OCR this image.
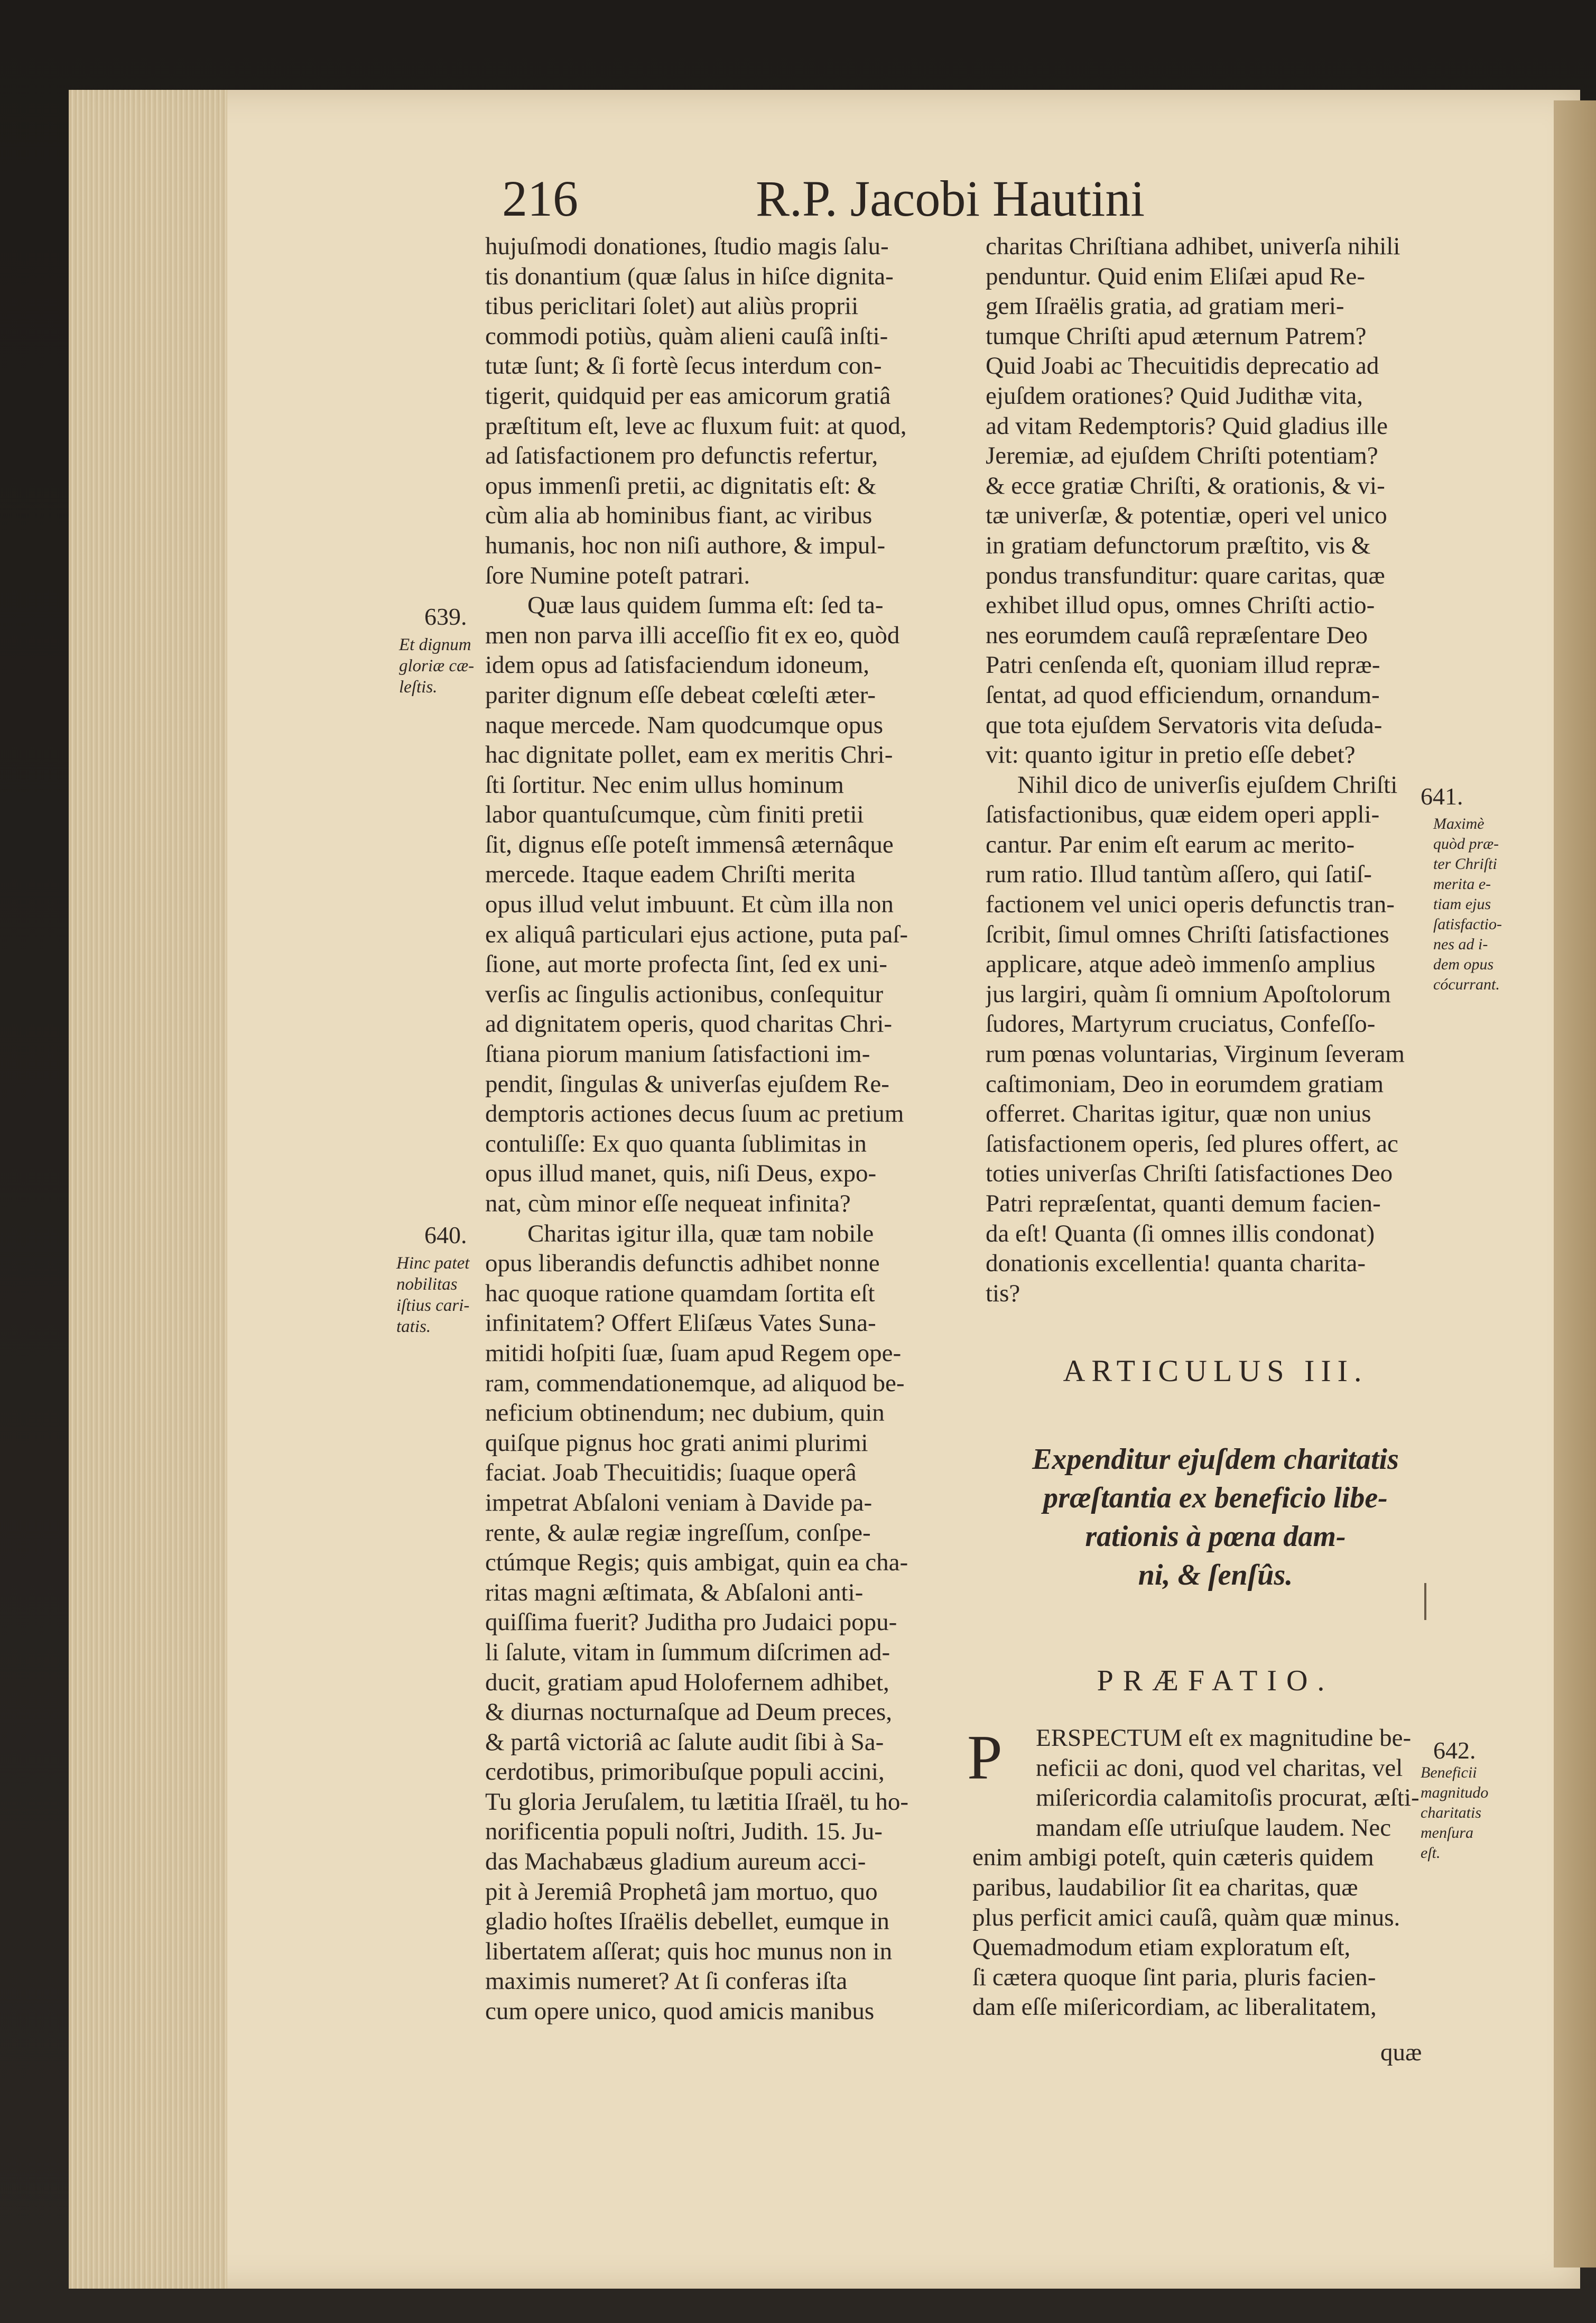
216	R.P. Jacobi Hautini
hujuſmodi donationes, ſtudio magis ſalu-
tis donantium (quæ ſalus in hiſce dignita-
tibus periclitari ſolet) aut aliùs proprii
commodi potiùs, quàm alieni cauſâ inſti-
tutæ ſunt; & ſi fortè ſecus interdum con-
tigerit, quidquid per eas amicorum gratiâ
præſtitum eſt, leve ac fluxum fuit: at quod,
ad ſatisfactionem pro defunctis refertur,
opus immenſi pretii, ac dignitatis eſt: &
cùm alia ab hominibus fiant, ac viribus
humanis, hoc non niſi authore, & impul-
ſore Numine poteſt patrari.
Quæ laus quidem ſumma eſt: ſed ta-
men non parva illi acceſſio fit ex eo, quòd
idem opus ad ſatisfaciendum idoneum,
pariter dignum eſſe debeat cœleſti æter-
naque mercede. Nam quodcumque opus
hac dignitate pollet, eam ex meritis Chri-
ſti ſortitur. Nec enim ullus hominum
labor quantuſcumque, cùm finiti pretii
ſit, dignus eſſe poteſt immensâ æternâque
mercede. Itaque eadem Chriſti merita
opus illud velut imbuunt. Et cùm illa non
ex aliquâ particulari ejus actione, puta paſ-
ſione, aut morte profecta ſint, ſed ex uni-
verſis ac ſingulis actionibus, conſequitur
ad dignitatem operis, quod charitas Chri-
ſtiana piorum manium ſatisfactioni im-
pendit, ſingulas & univerſas ejuſdem Re-
demptoris actiones decus ſuum ac pretium
contuliſſe: Ex quo quanta ſublimitas in
opus illud manet, quis, niſi Deus, expo-
nat, cùm minor eſſe nequeat infinita?
Charitas igitur illa, quæ tam nobile
opus liberandis defunctis adhibet nonne
hac quoque ratione quamdam ſortita eſt
infinitatem? Offert Eliſæus Vates Suna-
mitidi hoſpiti ſuæ, ſuam apud Regem ope-
ram, commendationemque, ad aliquod be-
neficium obtinendum; nec dubium, quin
quiſque pignus hoc grati animi plurimi
faciat. Joab Thecuitidis; ſuaque operâ
impetrat Abſaloni veniam à Davide pa-
rente, & aulæ regiæ ingreſſum, conſpe-
ctúmque Regis; quis ambigat, quin ea cha-
ritas magni æſtimata, & Abſaloni anti-
quiſſima fuerit? Juditha pro Judaici popu-
li ſalute, vitam in ſummum diſcrimen ad-
ducit, gratiam apud Holofernem adhibet,
& diurnas nocturnaſque ad Deum preces,
& partâ victoriâ ac ſalute audit ſibi à Sa-
cerdotibus, primoribuſque populi accini,
Tu gloria Jeruſalem, tu lætitia Iſraël, tu ho-
norificentia populi noſtri, Judith. 15. Ju-
das Machabæus gladium aureum acci-
pit à Jeremiâ Prophetâ jam mortuo, quo
gladio hoſtes Iſraëlis debellet, eumque in
libertatem aſſerat; quis hoc munus non in
maximis numeret? At ſi conferas iſta
cum opere unico, quod amicis manibus
charitas Chriſtiana adhibet, univerſa nihili
penduntur. Quid enim Eliſæi apud Re-
gem Iſraëlis gratia, ad gratiam meri-
tumque Chriſti apud æternum Patrem?
Quid Joabi ac Thecuitidis deprecatio ad
ejuſdem orationes? Quid Judithæ vita,
ad vitam Redemptoris? Quid gladius ille
Jeremiæ, ad ejuſdem Chriſti potentiam?
& ecce gratiæ Chriſti, & orationis, & vi-
tæ univerſæ, & potentiæ, operi vel unico
in gratiam defunctorum præſtito, vis &
pondus transfunditur: quare caritas, quæ
exhibet illud opus, omnes Chriſti actio-
nes eorumdem cauſâ repræſentare Deo
Patri cenſenda eſt, quoniam illud repræ-
ſentat, ad quod efficiendum, ornandum-
que tota ejuſdem Servatoris vita deſuda-
vit: quanto igitur in pretio eſſe debet?
Nihil dico de univerſis ejuſdem Chriſti
ſatisfactionibus, quæ eidem operi appli-
cantur. Par enim eſt earum ac merito-
rum ratio. Illud tantùm aſſero, qui ſatiſ-
factionem vel unici operis defunctis tran-
ſcribit, ſimul omnes Chriſti ſatisfactiones
applicare, atque adeò immenſo amplius
jus largiri, quàm ſi omnium Apoſtolorum
ſudores, Martyrum cruciatus, Confeſſo-
rum pœnas voluntarias, Virginum ſeveram
caſtimoniam, Deo in eorumdem gratiam
offerret. Charitas igitur, quæ non unius
ſatisfactionem operis, ſed plures offert, ac
toties univerſas Chriſti ſatisfactiones Deo
Patri repræſentat, quanti demum facien-
da eſt! Quanta (ſi omnes illis condonat)
donationis excellentia! quanta charita-
tis?
639.
Et dignum
gloriæ cæ-
leſtis.
640.
Hinc patet
nobilitas
iſtius cari-
tatis.
641.
Maximè
quòd præ-
ter Chriſti
merita e-
tiam ejus
ſatisfactio-
nes ad i-
dem opus
cócurrant.
ARTICULUS III.
Expenditur ejuſdem charitatis
præſtantia ex beneficio libe-
rationis à pœna dam-
ni, & ſenſûs.
PRÆFATIO.
P ERSPECTUM eſt ex magnitudine be-
neficii ac doni, quod vel charitas, vel
miſericordia calamitoſis procurat, æſti-
mandam eſſe utriuſque laudem. Nec
enim ambigi poteſt, quin cæteris quidem
paribus, laudabilior ſit ea charitas, quæ
plus perficit amici cauſâ, quàm quæ minus.
Quemadmodum etiam exploratum eſt,
ſi cætera quoque ſint paria, pluris facien-
dam eſſe miſericordiam, ac liberalitatem,
quæ
642.
Beneficii
magnitudo
charitatis
menſura
eſt.
